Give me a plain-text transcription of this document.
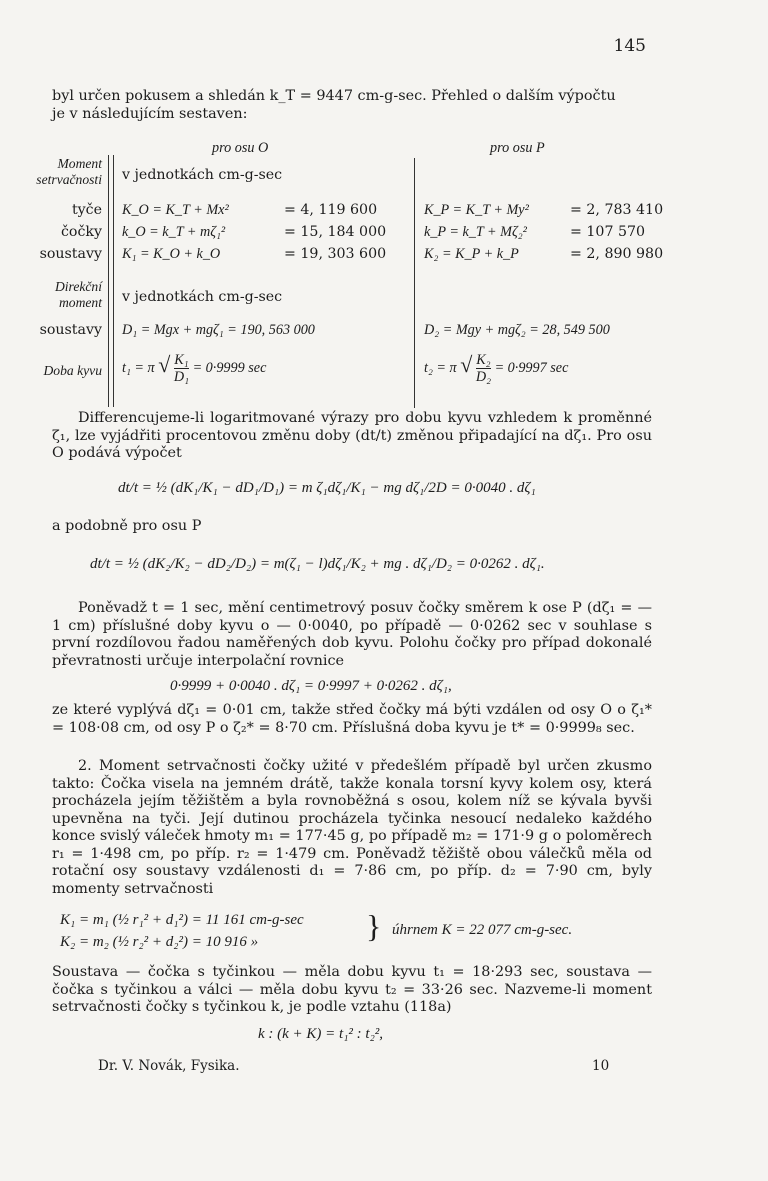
145
byl určen pokusem a shledán k_T = 9447 cm-g-sec. Přehled o dalším výpočtu
je v následujícím sestaven:
pro osu O	pro osu P
Moment
setrvačnosti v jednotkách cm-g-sec
tyče K_O = K_T + Mx²	= 4, 119 600	K_P = K_T + My²	= 2, 783 410
čočky k_O = k_T + mζ₁²	= 15, 184 000	k_P = k_T + Mζ₂²	= 107 570
soustavy K₁ = K_O + k_O	= 19, 303 600	K₂ = K_P + k_P	= 2, 890 980
Direkční
moment v jednotkách cm-g-sec
soustavy D₁ = Mgx + mgζ₁ = 190, 563 000	D₂ = Mgy + mgζ₂ = 28, 549 500
Doba kyvu t₁ = π √ $\frac{\text{K₁}}{\text{D₁}} = 0\cdot 9999$ sec	t₂ = π √ $\frac{\text{K₂}}{\text{D₂}} = 0\cdot 9997$ sec
Differencujeme-li logaritmované výrazy pro dobu kyvu vzhledem k proměnné ζ₁, lze vyjádřiti procentovou změnu doby (dt/t) změnou připadající na dζ₁. Pro osu O podává výpočet
dt/t = ½ (dK₁/K₁ − dD₁/D₁) = m ζ₁dζ₁/K₁ − mg dζ₁/2D = 0·0040 . dζ₁
a podobně pro osu P
dt/t = ½ (dK₂/K₂ − dD₂/D₂) = m(ζ₁ − l)dζ₁/K₂ + mg . dζ₁/D₂ = 0·0262 . dζ₁.
Poněvadž t = 1 sec, mění centimetrový posuv čočky směrem k ose P (dζ₁ = — 1 cm) příslušné doby kyvu o — 0·0040, po případě — 0·0262 sec v souhlase s první rozdílovou řadou naměřených dob kyvu. Polohu čočky pro případ dokonalé převratnosti určuje interpolační rovnice
0·9999 + 0·0040 . dζ₁ = 0·9997 + 0·0262 . dζ₁,
ze které vyplývá dζ₁ = 0·01 cm, takže střed čočky má býti vzdálen od osy O o ζ₁* = 108·08 cm, od osy P o ζ₂* = 8·70 cm. Příslušná doba kyvu je t* = 0·9999₈ sec.
2. Moment setrvačnosti čočky užité v předešlém případě byl určen zkusmo takto: Čočka visela na jemném drátě, takže konala torsní kyvy kolem osy, která procházela jejím těžištěm a byla rovnoběžná s osou, kolem níž se kývala byvši upevněna na tyči. Její dutinou procházela tyčinka nesoucí nedaleko každého konce svislý váleček hmoty m₁ = 177·45 g, po případě m₂ = 171·9 g o poloměrech r₁ = 1·498 cm, po příp. r₂ = 1·479 cm. Poněvadž těžiště obou válečků měla od rotační osy soustavy vzdálenosti d₁ = 7·86 cm, po příp. d₂ = 7·90 cm, byly momenty setrvačnosti
K₁ = m₁ (½ r₁² + d₁²) = 11 161 cm-g-sec
K₂ = m₂ (½ r₂² + d₂²) = 10 916 »	} úhrnem K = 22 077 cm-g-sec.
Soustava — čočka s tyčinkou — měla dobu kyvu t₁ = 18·293 sec, soustava — čočka s tyčinkou a válci — měla dobu kyvu t₂ = 33·26 sec. Nazveme-li moment setrvačnosti čočky s tyčinkou k, je podle vztahu (118a)
k : (k + K) = t₁² : t₂²,
Dr. V. Novák, Fysika.	10
